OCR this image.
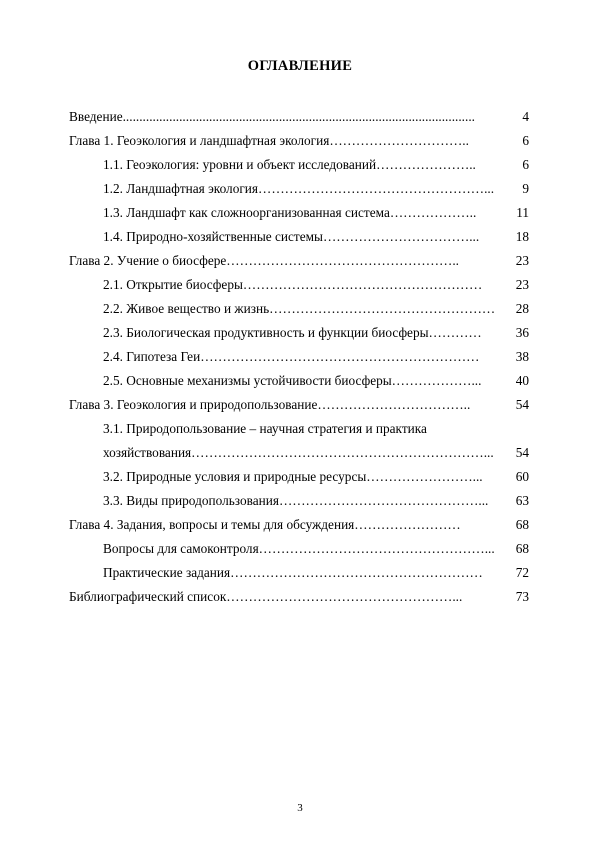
ОГЛАВЛЕНИЕ
Введение..........................................................................................................	4
Глава 1. Геоэкология и ландшафтная экология…………………………..	6
1.1. Геоэкология: уровни и объект исследований…………………..	6
1.2. Ландшафтная экология……………………………………………... 9
1.3. Ландшафт как сложноорганизованная система………………..	11
1.4. Природно-хозяйственные системы……………………………...	18
Глава 2. Учение о биосфере……………………………………………..	23
2.1. Открытие биосферы………………………………………………	23
2.2. Живое вещество и жизнь…………………………………………… 28
2.3. Биологическая продуктивность и функции биосферы…………	36
2.4. Гипотеза Геи………………………………………………………	38
2.5. Основные механизмы устойчивости биосферы………………...	40
Глава 3. Геоэкология и природопользование……………………………..	54
3.1. Природопользование – научная стратегия и практика
хозяйствования…………………………………………………………... 54
3.2. Природные условия и природные ресурсы……………………... 60
3.3. Виды природопользования………………………………………... 63
Глава 4. Задания, вопросы и темы для обсуждения……………………	68
Вопросы для самоконтроля……………………………………………... 68
Практические задания………………………………………………… 72
Библиографический список……………………………………………...	73
3
